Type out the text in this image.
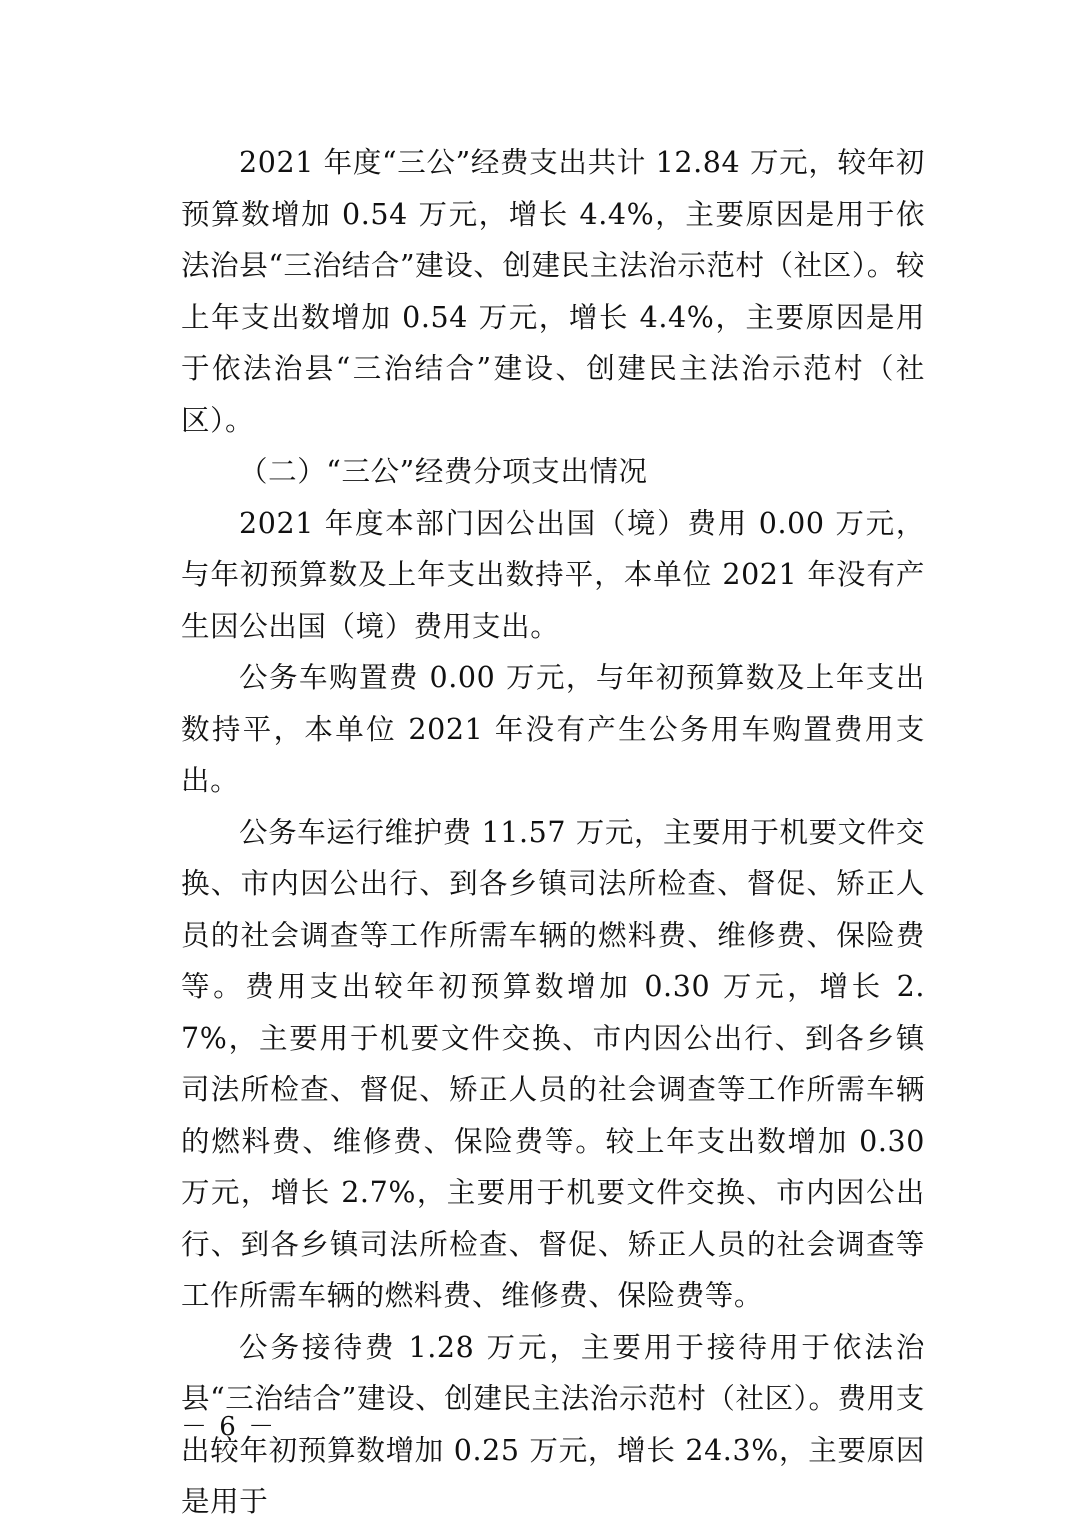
2021 年度“三公”经费支出共计 12.84 万元，较年初预算数增加 0.54 万元，增长 4.4%，主要原因是用于依法治县“三治结合”建设、创建民主法治示范村（社区）。较上年支出数增加 0.54 万元，增长 4.4%，主要原因是用于依法治县“三治结合”建设、创建民主法治示范村（社区）。

（二）“三公”经费分项支出情况

2021 年度本部门因公出国（境）费用 0.00 万元，与年初预算数及上年支出数持平，本单位 2021 年没有产生因公出国（境）费用支出。

公务车购置费 0.00 万元，与年初预算数及上年支出数持平，本单位 2021 年没有产生公务用车购置费用支出。

公务车运行维护费 11.57 万元，主要用于机要文件交换、市内因公出行、到各乡镇司法所检查、督促、矫正人员的社会调查等工作所需车辆的燃料费、维修费、保险费等。费用支出较年初预算数增加 0.30 万元，增长 2.7%，主要用于机要文件交换、市内因公出行、到各乡镇司法所检查、督促、矫正人员的社会调查等工作所需车辆的燃料费、维修费、保险费等。较上年支出数增加 0.30 万元，增长 2.7%，主要用于机要文件交换、市内因公出行、到各乡镇司法所检查、督促、矫正人员的社会调查等工作所需车辆的燃料费、维修费、保险费等。

公务接待费 1.28 万元，主要用于接待用于依法治县“三治结合”建设、创建民主法治示范村（社区）。费用支出较年初预算数增加 0.25 万元，增长 24.3%，主要原因是用于

－ 6 －
